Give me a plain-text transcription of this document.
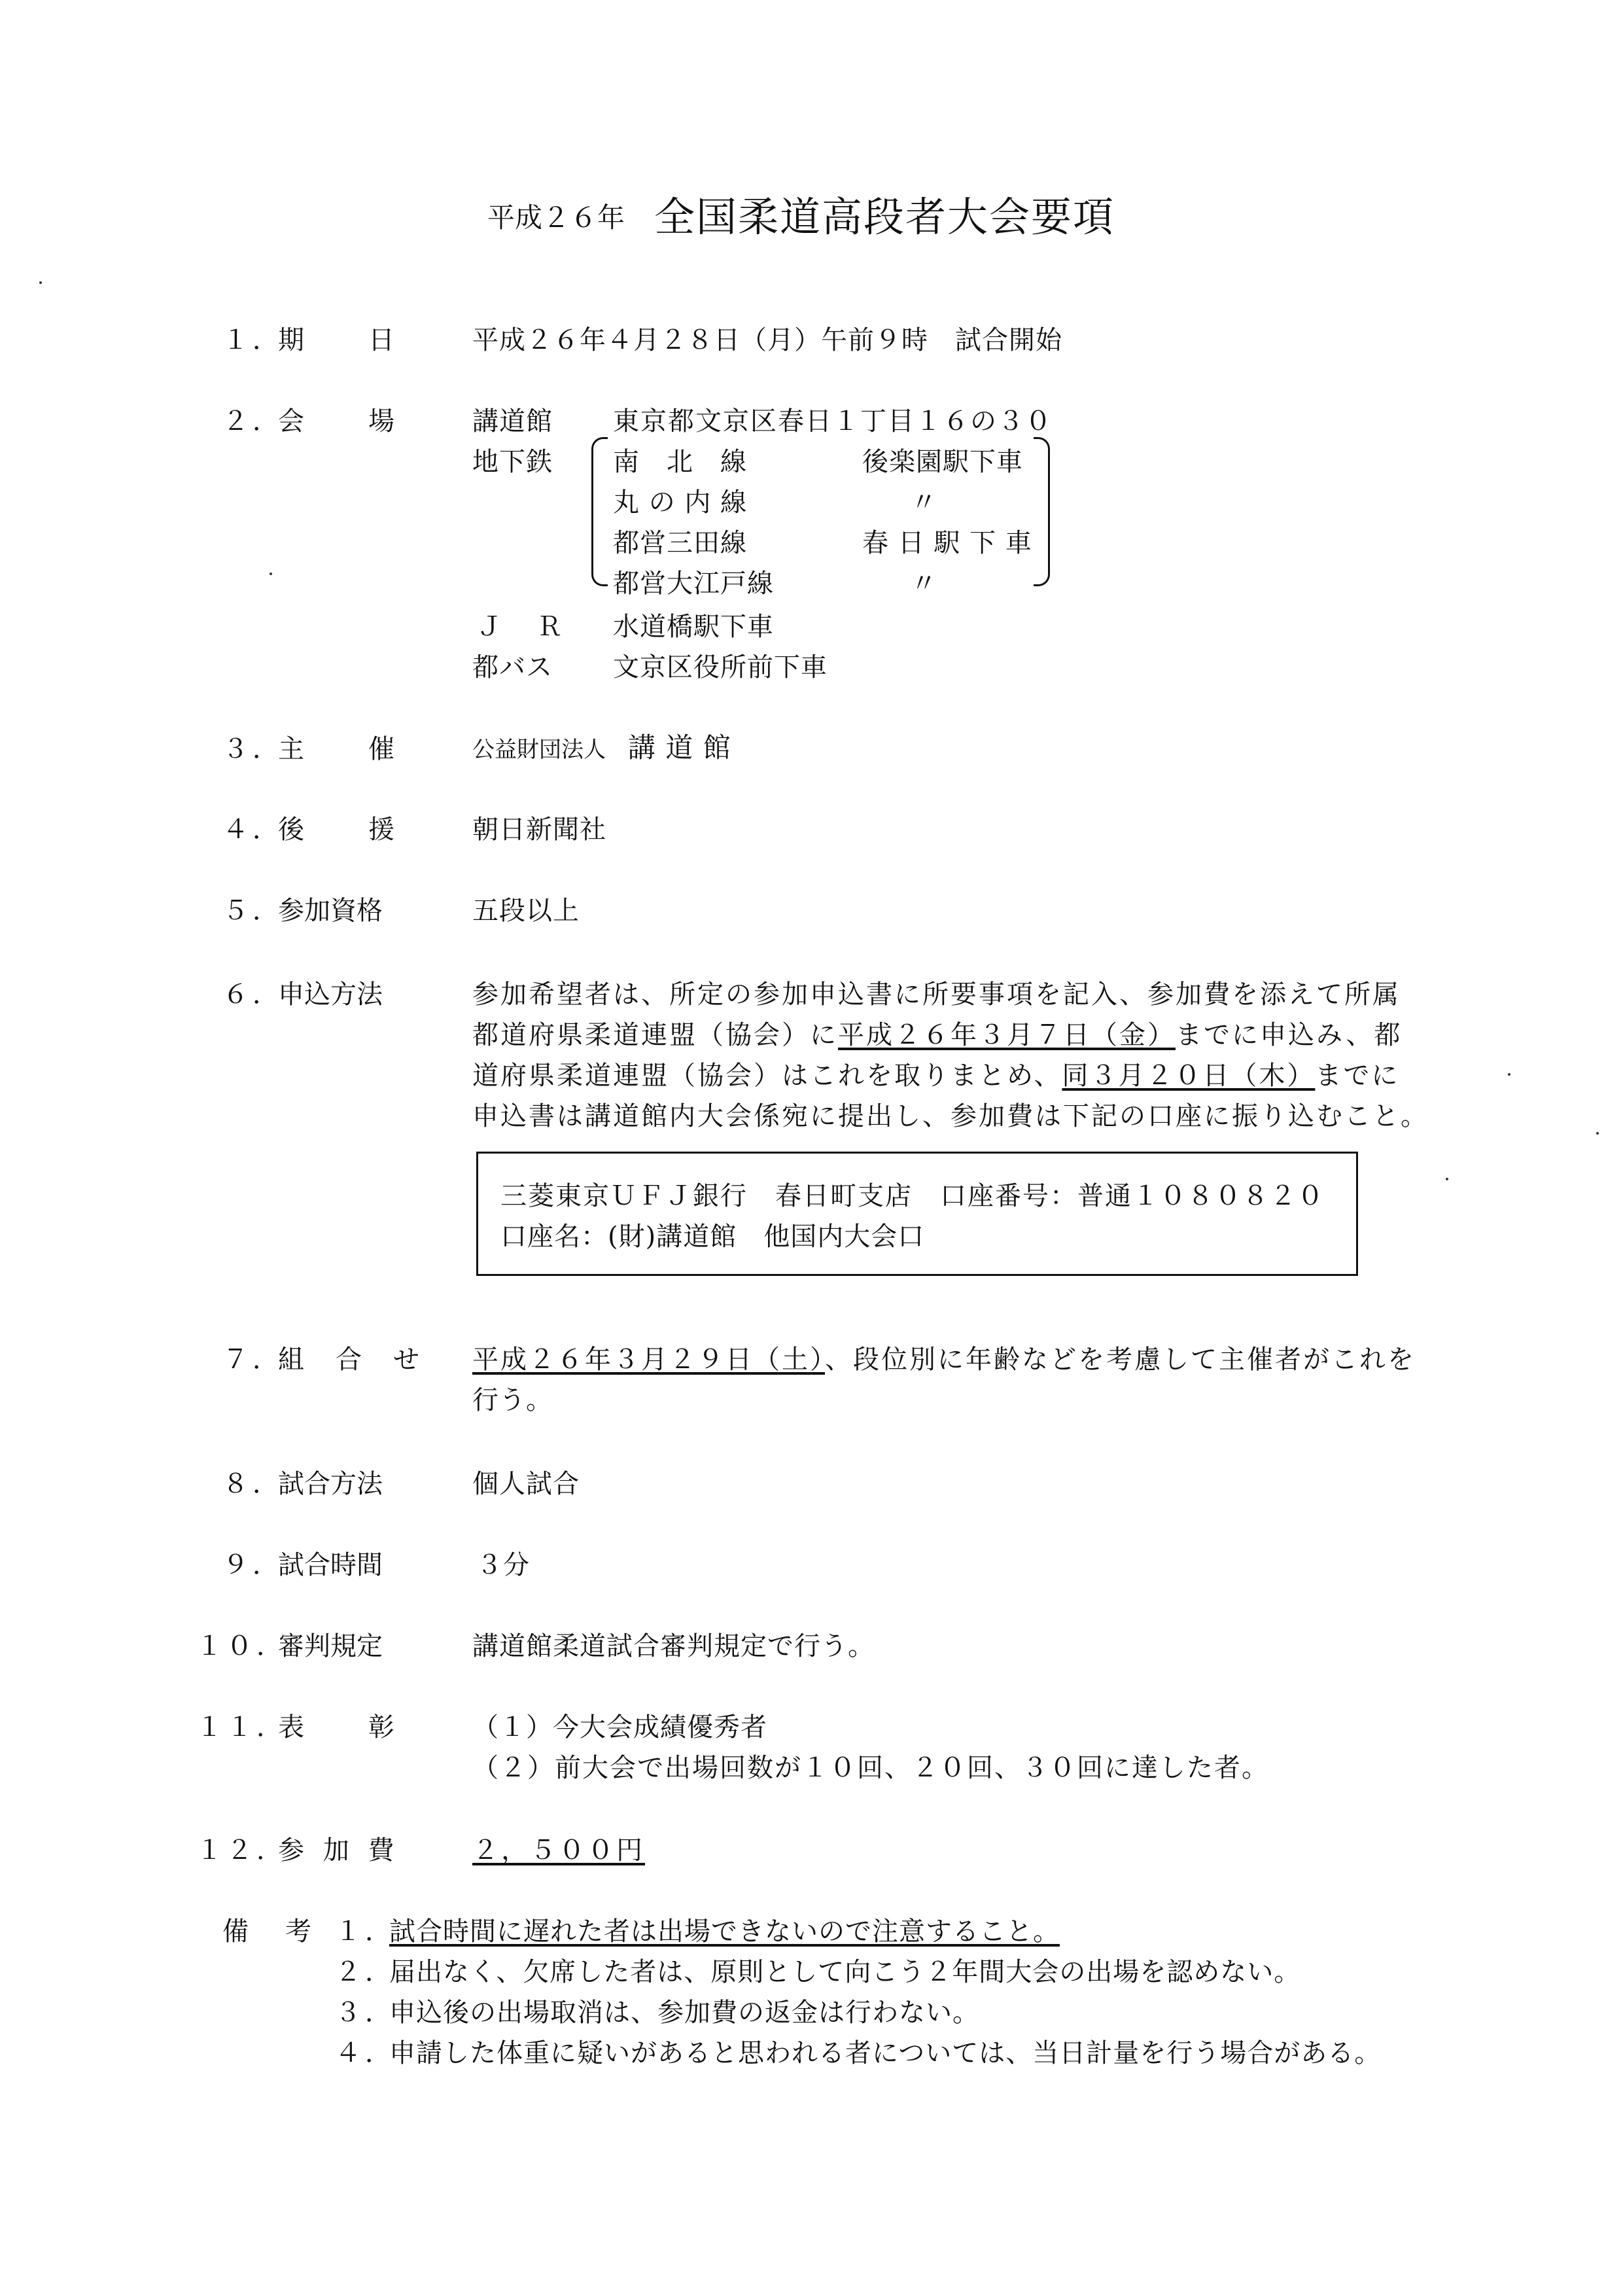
平成２６年 全国柔道高段者大会要項
１．
期　　日	平成２６年４月２８日（月）午前９時　試合開始
２．
会　　場	講道館 東京都文京区春日１丁目１６の３０
地下鉄 南　北　線	後楽園駅下車
丸 の 内 線	〃
都営三田線	春 日 駅 下 車
都営大江戸線	〃
Ｊ　Ｒ 水道橋駅下車
都バス 文京区役所前下車
３．
主　　催	公益財団法人 講 道 館
４．
後　　援	朝日新聞社
５．
参加資格	五段以上
６．
申込方法	参加希望者は、所定の参加申込書に所要事項を記入、参加費を添えて所属
都道府県柔道連盟（協会）に平成２６年３月７日（金）までに申込み、都
道府県柔道連盟（協会）はこれを取りまとめ、同３月２０日（木）までに
申込書は講道館内大会係宛に提出し、参加費は下記の口座に振り込むこと。
三菱東京ＵＦＪ銀行　春日町支店　口座番号：普通１０８０８２０
口座名：(財)講道館　他国内大会口
７．
組　合　せ 平成２６年３月２９日（土）、段位別に年齢などを考慮して主催者がこれを
行う。
８．
試合方法	個人試合
９．
試合時間	３分
１０．
審判規定	講道館柔道試合審判規定で行う。
１１．
表　　彰	（１）今大会成績優秀者
（２）前大会で出場回数が１０回、２０回、３０回に達した者。
１２．
参 加 費	２，５００円
備　考 １．
試合時間に遅れた者は出場できないので注意すること。
２．
届出なく、欠席した者は、原則として向こう２年間大会の出場を認めない。
３．
申込後の出場取消は、参加費の返金は行わない。
４．
申請した体重に疑いがあると思われる者については、当日計量を行う場合がある。
